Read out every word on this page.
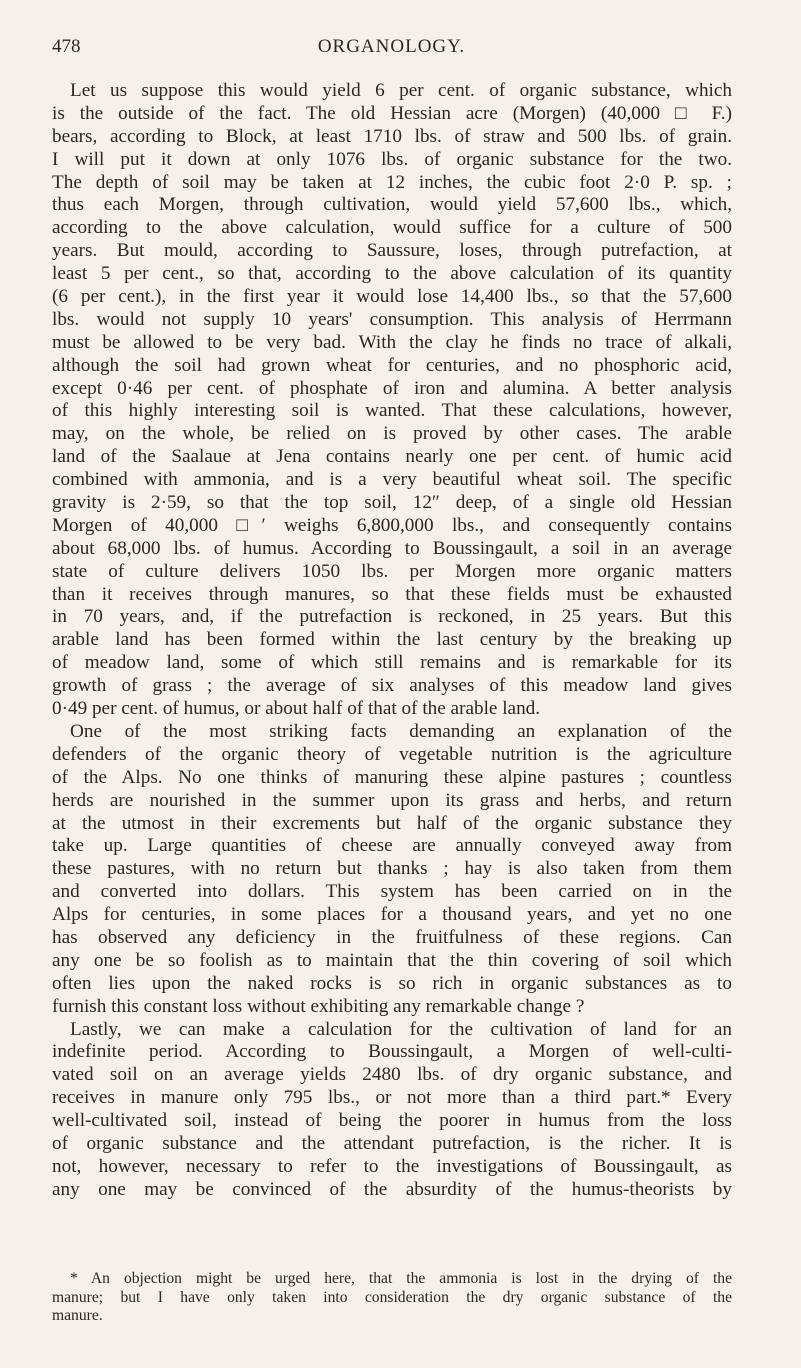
478	ORGANOLOGY.
Let us suppose this would yield 6 per cent. of organic substance, which
is the outside of the fact. The old Hessian acre (Morgen) (40,000 □ F.)
bears, according to Block, at least 1710 lbs. of straw and 500 lbs. of grain.
I will put it down at only 1076 lbs. of organic substance for the two.
The depth of soil may be taken at 12 inches, the cubic foot 2·0 P. sp. ;
thus each Morgen, through cultivation, would yield 57,600 lbs., which,
according to the above calculation, would suffice for a culture of 500
years. But mould, according to Saussure, loses, through putrefaction, at
least 5 per cent., so that, according to the above calculation of its quantity
(6 per cent.), in the first year it would lose 14,400 lbs., so that the 57,600
lbs. would not supply 10 years' consumption. This analysis of Herrmann
must be allowed to be very bad. With the clay he finds no trace of alkali,
although the soil had grown wheat for centuries, and no phosphoric acid,
except 0·46 per cent. of phosphate of iron and alumina. A better analysis
of this highly interesting soil is wanted. That these calculations, however,
may, on the whole, be relied on is proved by other cases. The arable
land of the Saalaue at Jena contains nearly one per cent. of humic acid
combined with ammonia, and is a very beautiful wheat soil. The specific
gravity is 2·59, so that the top soil, 12″ deep, of a single old Hessian
Morgen of 40,000 □′ weighs 6,800,000 lbs., and consequently contains
about 68,000 lbs. of humus. According to Boussingault, a soil in an average
state of culture delivers 1050 lbs. per Morgen more organic matters
than it receives through manures, so that these fields must be exhausted
in 70 years, and, if the putrefaction is reckoned, in 25 years. But this
arable land has been formed within the last century by the breaking up
of meadow land, some of which still remains and is remarkable for its
growth of grass ; the average of six analyses of this meadow land gives
0·49 per cent. of humus, or about half of that of the arable land.
One of the most striking facts demanding an explanation of the
defenders of the organic theory of vegetable nutrition is the agriculture
of the Alps. No one thinks of manuring these alpine pastures ; countless
herds are nourished in the summer upon its grass and herbs, and return
at the utmost in their excrements but half of the organic substance they
take up. Large quantities of cheese are annually conveyed away from
these pastures, with no return but thanks ; hay is also taken from them
and converted into dollars. This system has been carried on in the
Alps for centuries, in some places for a thousand years, and yet no one
has observed any deficiency in the fruitfulness of these regions. Can
any one be so foolish as to maintain that the thin covering of soil which
often lies upon the naked rocks is so rich in organic substances as to
furnish this constant loss without exhibiting any remarkable change ?
Lastly, we can make a calculation for the cultivation of land for an
indefinite period. According to Boussingault, a Morgen of well-culti-
vated soil on an average yields 2480 lbs. of dry organic substance, and
receives in manure only 795 lbs., or not more than a third part.* Every
well-cultivated soil, instead of being the poorer in humus from the loss
of organic substance and the attendant putrefaction, is the richer. It is
not, however, necessary to refer to the investigations of Boussingault, as
any one may be convinced of the absurdity of the humus-theorists by
* An objection might be urged here, that the ammonia is lost in the drying of the
manure; but I have only taken into consideration the dry organic substance of the
manure.
